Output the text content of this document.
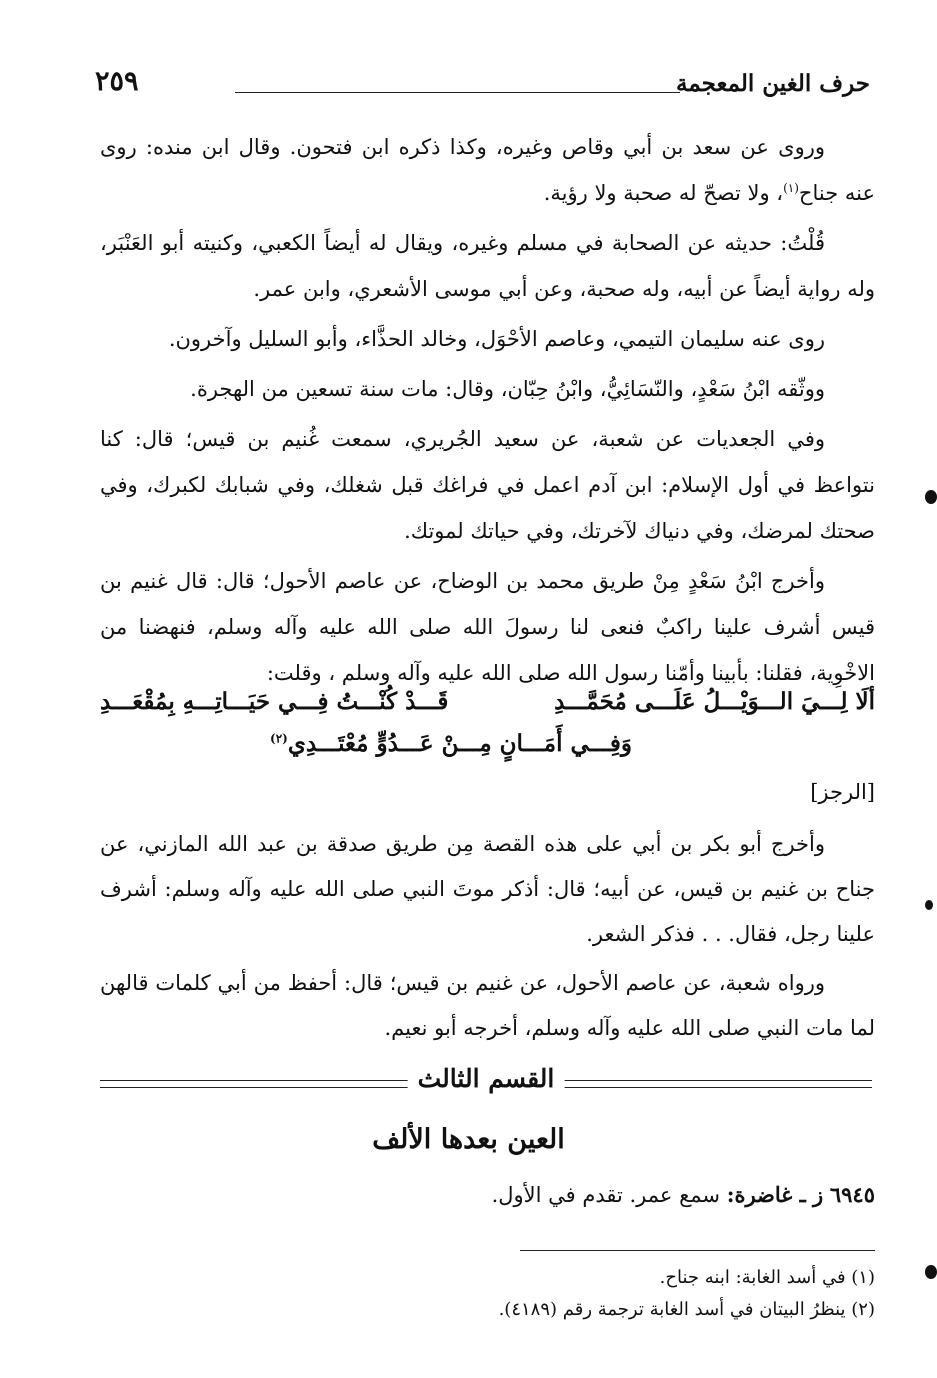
حرف الغين المعجمة
٢٥٩

وروى عن سعد بن أبي وقاص وغيره، وكذا ذكره ابن فتحون. وقال ابن منده: روى عنه جناح$^{(١)}$، ولا تصحّ له صحبة ولا رؤية.

قُلْتُ: حديثه عن الصحابة في مسلم وغيره، ويقال له أيضاً الكعبي، وكنيته أبو العَنْبَر، وله رواية أيضاً عن أبيه، وله صحبة، وعن أبي موسى الأشعري، وابن عمر.

روى عنه سليمان التيمي، وعاصم الأحْوَل، وخالد الحذَّاء، وأبو السليل وآخرون.

ووثّقه ابْنُ سَعْدٍ، والنّسَائِيُّ، وابْنُ حِبّان، وقال: مات سنة تسعين من الهجرة.

وفي الجعديات عن شعبة، عن سعيد الجُريري، سمعت غُنيم بن قيس؛ قال: كنا نتواعظ في أول الإسلام: ابن آدم اعمل في فراغك قبل شغلك، وفي شبابك لكبرك، وفي صحتك لمرضك، وفي دنياك لآخرتك، وفي حياتك لموتك.

وأخرج ابْنُ سَعْدٍ مِنْ طريق محمد بن الوضاح، عن عاصم الأحول؛ قال: قال غنيم بن قيس أشرف علينا راكبٌ فنعى لنا رسولَ الله صلى الله عليه وآله وسلم، فنهضنا من الاخْوِية، فقلنا: بأبينا وأمّنا رسول الله صلى الله عليه وآله وسلم ، وقلت:

ألَا لِـــيَ الـــوَيْـــلُ عَلَـــى مُحَمَّـــدِ
قَـــدْ كُنْـــتُ فِـــي حَيَـــاتِـــهِ بِمُقْعَـــدِ
وَفِـــي أَمَـــانٍ مِـــنْ عَـــدُوٍّ مُعْتَـــدِي$^{(٢)}$
[الرجز]

وأخرج أبو بكر بن أبي على هذه القصة مِن طريق صدقة بن عبد الله المازني، عن جناح بن غنيم بن قيس، عن أبيه؛ قال: أذكر موتَ النبي صلى الله عليه وآله وسلم: أشرف علينا رجل، فقال. . . فذكر الشعر.

ورواه شعبة، عن عاصم الأحول، عن غنيم بن قيس؛ قال: أحفظ من أبي كلمات قالهن لما مات النبي صلى الله عليه وآله وسلم، أخرجه أبو نعيم.

القسم الثالث
العين بعدها الألف
٦٩٤٥ ز ـ غاضرة: سمع عمر. تقدم في الأول.
(١) في أسد الغابة: ابنه جناح.
(٢) ينظرُ البيتان في أسد الغابة ترجمة رقم (٤١٨٩).
